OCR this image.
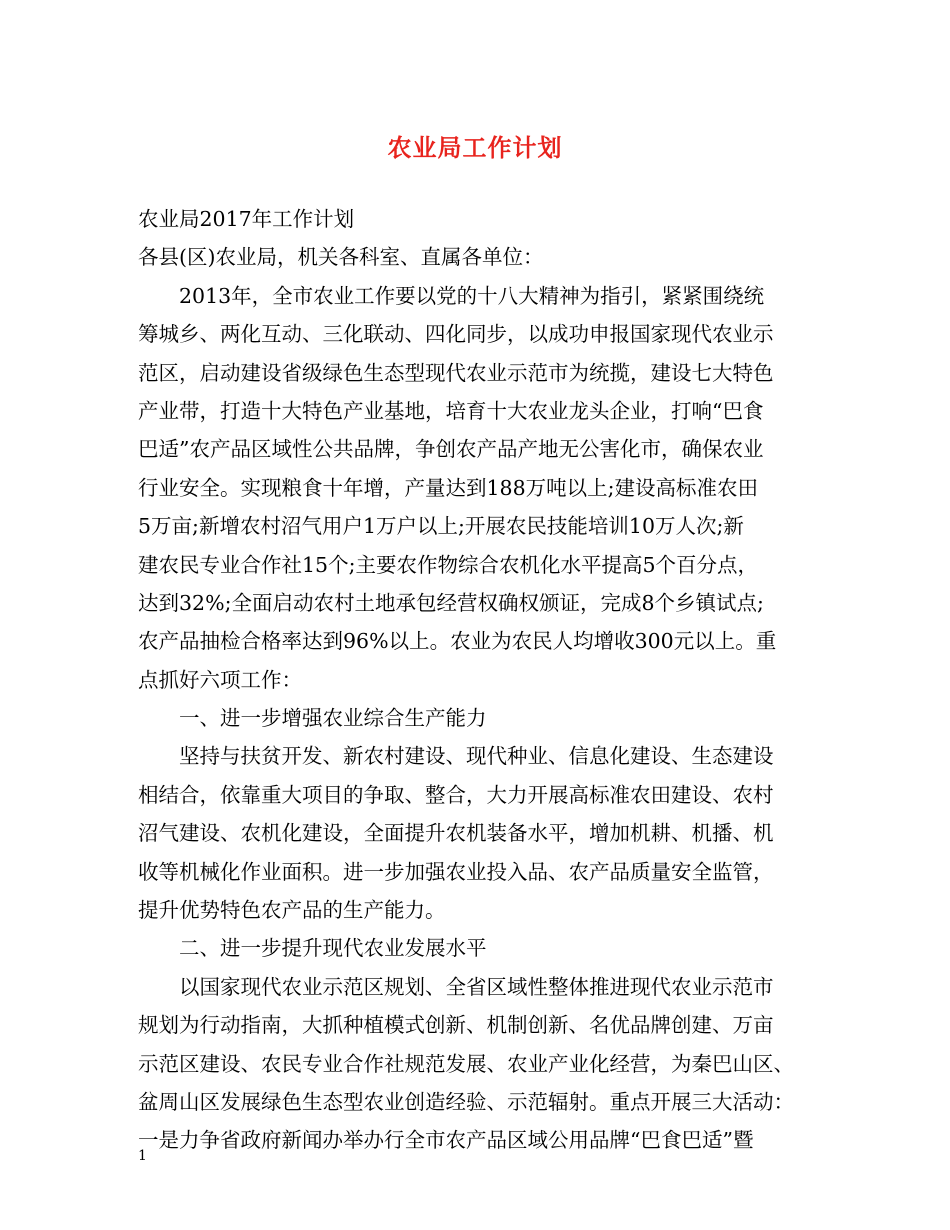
农业局工作计划
农业局2017年工作计划
各县(区)农业局，机关各科室、直属各单位：
　　2013年，全市农业工作要以党的十八大精神为指引，紧紧围绕统
筹城乡、两化互动、三化联动、四化同步，以成功申报国家现代农业示
范区，启动建设省级绿色生态型现代农业示范市为统揽，建设七大特色
产业带，打造十大特色产业基地，培育十大农业龙头企业，打响“巴食
巴适”农产品区域性公共品牌，争创农产品产地无公害化市，确保农业
行业安全。实现粮食十年增，产量达到188万吨以上;建设高标准农田
5万亩;新增农村沼气用户1万户以上;开展农民技能培训10万人次;新
建农民专业合作社15个;主要农作物综合农机化水平提高5个百分点，
达到32%;全面启动农村土地承包经营权确权颁证，完成8个乡镇试点;
农产品抽检合格率达到96%以上。农业为农民人均增收300元以上。重
点抓好六项工作：
　　一、进一步增强农业综合生产能力
　　坚持与扶贫开发、新农村建设、现代种业、信息化建设、生态建设
相结合，依靠重大项目的争取、整合，大力开展高标准农田建设、农村
沼气建设、农机化建设，全面提升农机装备水平，增加机耕、机播、机
收等机械化作业面积。进一步加强农业投入品、农产品质量安全监管，
提升优势特色农产品的生产能力。
　　二、进一步提升现代农业发展水平
　　以国家现代农业示范区规划、全省区域性整体推进现代农业示范市
规划为行动指南，大抓种植模式创新、机制创新、名优品牌创建、万亩
示范区建设、农民专业合作社规范发展、农业产业化经营，为秦巴山区、
盆周山区发展绿色生态型农业创造经验、示范辐射。重点开展三大活动：
一是力争省政府新闻办举办行全市农产品区域公用品牌“巴食巴适”暨
1
